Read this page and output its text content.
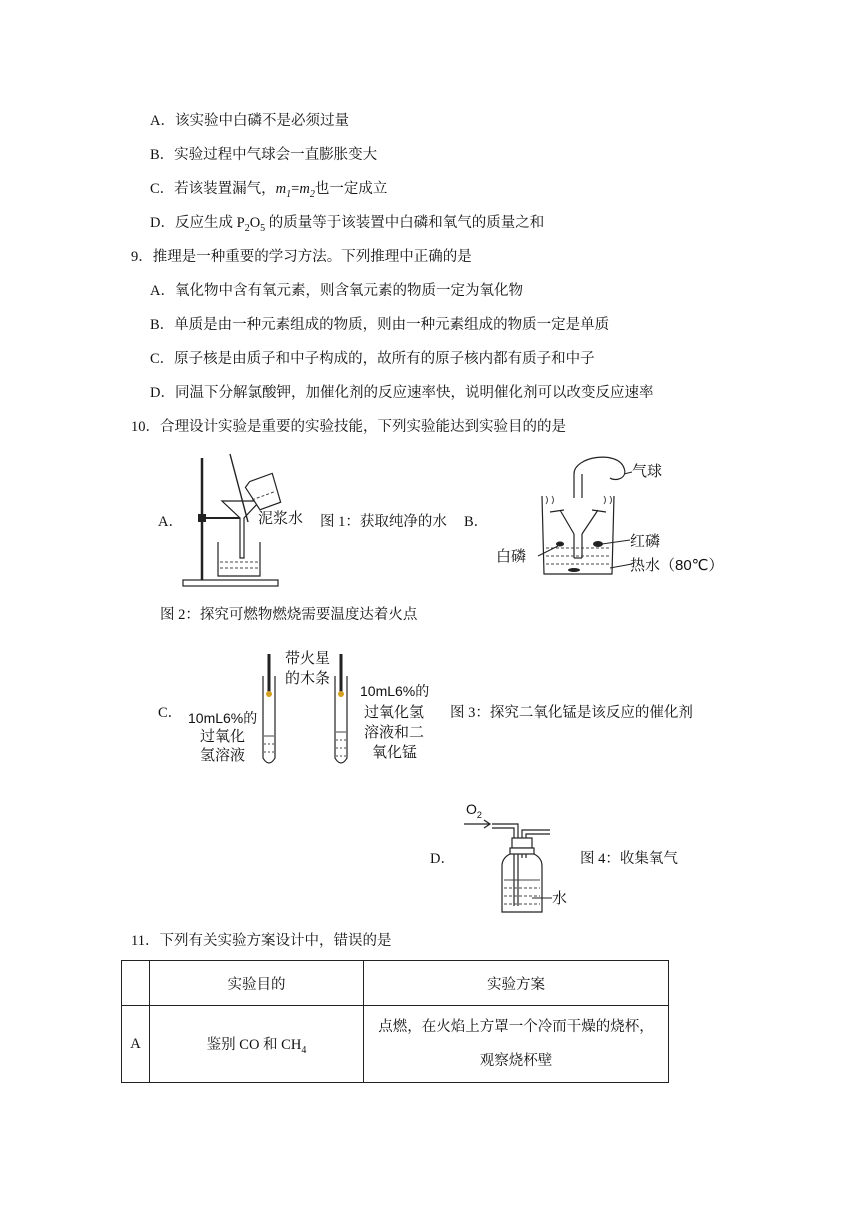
A．该实验中白磷不是必须过量
B．实验过程中气球会一直膨胀变大
C．若该装置漏气，$m_1=m_2$也一定成立
D．反应生成 $P_2O_5$ 的质量等于该装置中白磷和氧气的质量之和
9．推理是一种重要的学习方法。下列推理中正确的是
A．氧化物中含有氧元素，则含氧元素的物质一定为氧化物
B．单质是由一种元素组成的物质，则由一种元素组成的物质一定是单质
C．原子核是由质子和中子构成的，故所有的原子核内都有质子和中子
D．同温下分解氯酸钾，加催化剂的反应速率快，说明催化剂可以改变反应速率
10．合理设计实验是重要的实验技能，下列实验能达到实验目的的是
A．	泥浆水 图 1：获取纯净的水 B．
气球
红磷
白磷
热水（80℃）
图 2：探究可燃物燃烧需要温度达着火点
C．
带火星
的木条
10mL6%的
过氧化
氢溶液
10mL6%的
过氧化氢
溶液和二
氧化锰
图 3：探究二氧化锰是该反应的催化剂
D．
$O_2$
水
图 4：收集氧气
11．下列有关实验方案设计中，错误的是
	实验目的	实验方案
A	鉴别 CO 和 $CH_4$	点燃，在火焰上方罩一个冷而干燥的烧杯，
观察烧杯壁
